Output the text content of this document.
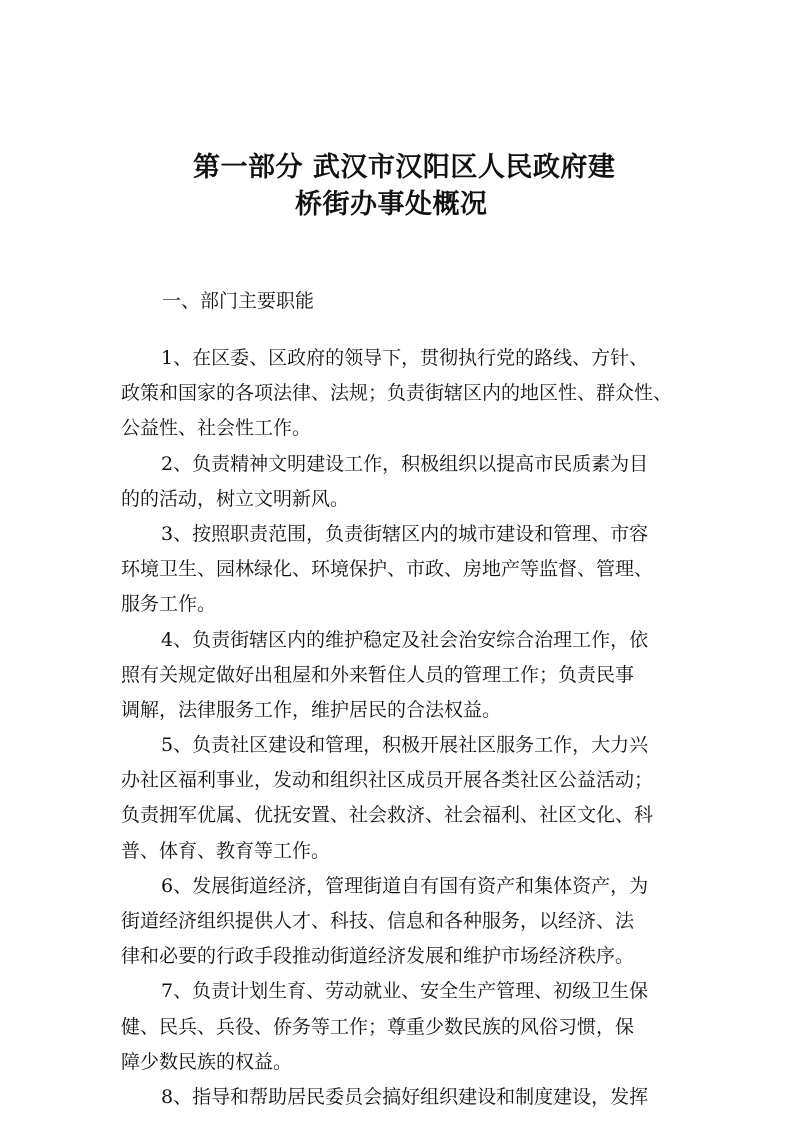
第一部分 武汉市汉阳区人民政府建
桥街办事处概况
一、部门主要职能
1、在区委、区政府的领导下，贯彻执行党的路线、方针、
政策和国家的各项法律、法规；负责街辖区内的地区性、群众性、
公益性、社会性工作。
2、负责精神文明建设工作，积极组织以提高市民质素为目
的的活动，树立文明新风。
3、按照职责范围，负责街辖区内的城市建设和管理、市容
环境卫生、园林绿化、环境保护、市政、房地产等监督、管理、
服务工作。
4、负责街辖区内的维护稳定及社会治安综合治理工作，依
照有关规定做好出租屋和外来暂住人员的管理工作；负责民事
调解，法律服务工作，维护居民的合法权益。
5、负责社区建设和管理，积极开展社区服务工作，大力兴
办社区福利事业，发动和组织社区成员开展各类社区公益活动；
负责拥军优属、优抚安置、社会救济、社会福利、社区文化、科
普、体育、教育等工作。
6、发展街道经济，管理街道自有国有资产和集体资产，为
街道经济组织提供人才、科技、信息和各种服务，以经济、法
律和必要的行政手段推动街道经济发展和维护市场经济秩序。
7、负责计划生育、劳动就业、安全生产管理、初级卫生保
健、民兵、兵役、侨务等工作；尊重少数民族的风俗习惯，保
障少数民族的权益。
8、指导和帮助居民委员会搞好组织建设和制度建设，发挥
